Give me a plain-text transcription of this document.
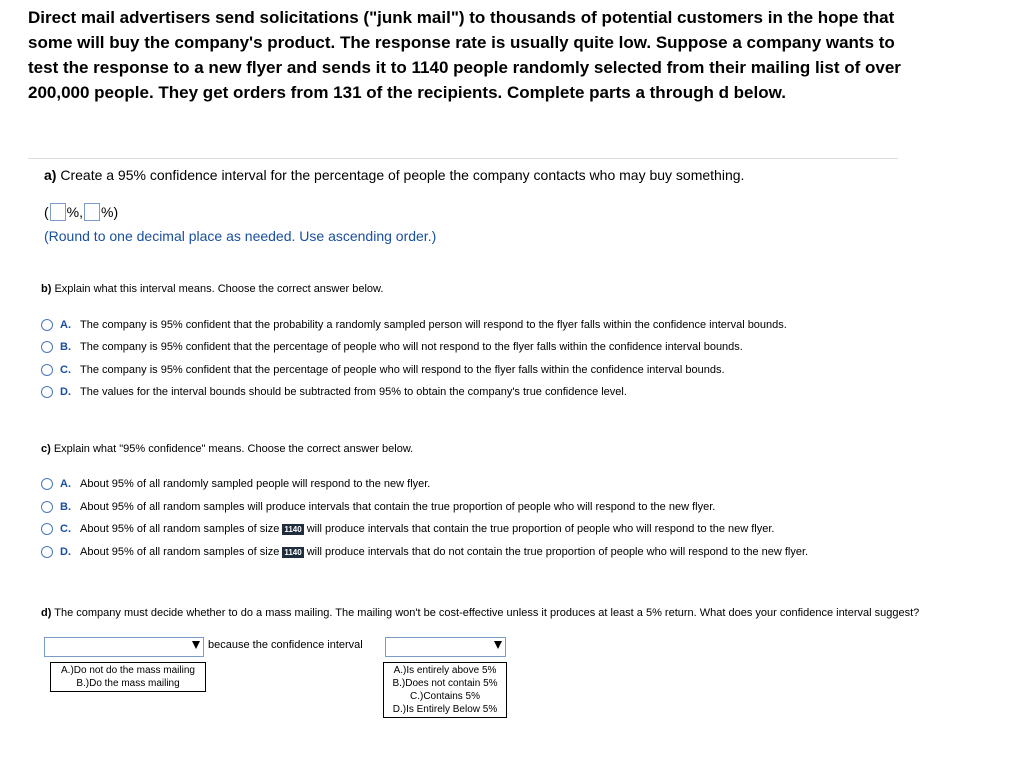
Direct mail advertisers send solicitations ("junk mail") to thousands of potential customers in the hope that some will buy the company's product. The response rate is usually quite low. Suppose a company wants to test the response to a new flyer and sends it to 1140 people randomly selected from their mailing list of over 200,000 people. They get orders from 131 of the recipients. Complete parts a through d below.
a) Create a 95% confidence interval for the percentage of people the company contacts who may buy something.
( %, %)
(Round to one decimal place as needed. Use ascending order.)
b) Explain what this interval means. Choose the correct answer below.
A. The company is 95% confident that the probability a randomly sampled person will respond to the flyer falls within the confidence interval bounds.
B. The company is 95% confident that the percentage of people who will not respond to the flyer falls within the confidence interval bounds.
C. The company is 95% confident that the percentage of people who will respond to the flyer falls within the confidence interval bounds.
D. The values for the interval bounds should be subtracted from 95% to obtain the company's true confidence level.
c) Explain what "95% confidence" means. Choose the correct answer below.
A. About 95% of all randomly sampled people will respond to the new flyer.
B. About 95% of all random samples will produce intervals that contain the true proportion of people who will respond to the new flyer.
C. About 95% of all random samples of size 1140 will produce intervals that contain the true proportion of people who will respond to the new flyer.
D. About 95% of all random samples of size 1140 will produce intervals that do not contain the true proportion of people who will respond to the new flyer.
d) The company must decide whether to do a mass mailing. The mailing won't be cost-effective unless it produces at least a 5% return. What does your confidence interval suggest?
because the confidence interval
A.)Do not do the mass mailing
B.)Do the mass mailing
A.)Is entirely above 5%
B.)Does not contain 5%
C.)Contains 5%
D.)Is Entirely Below 5%
